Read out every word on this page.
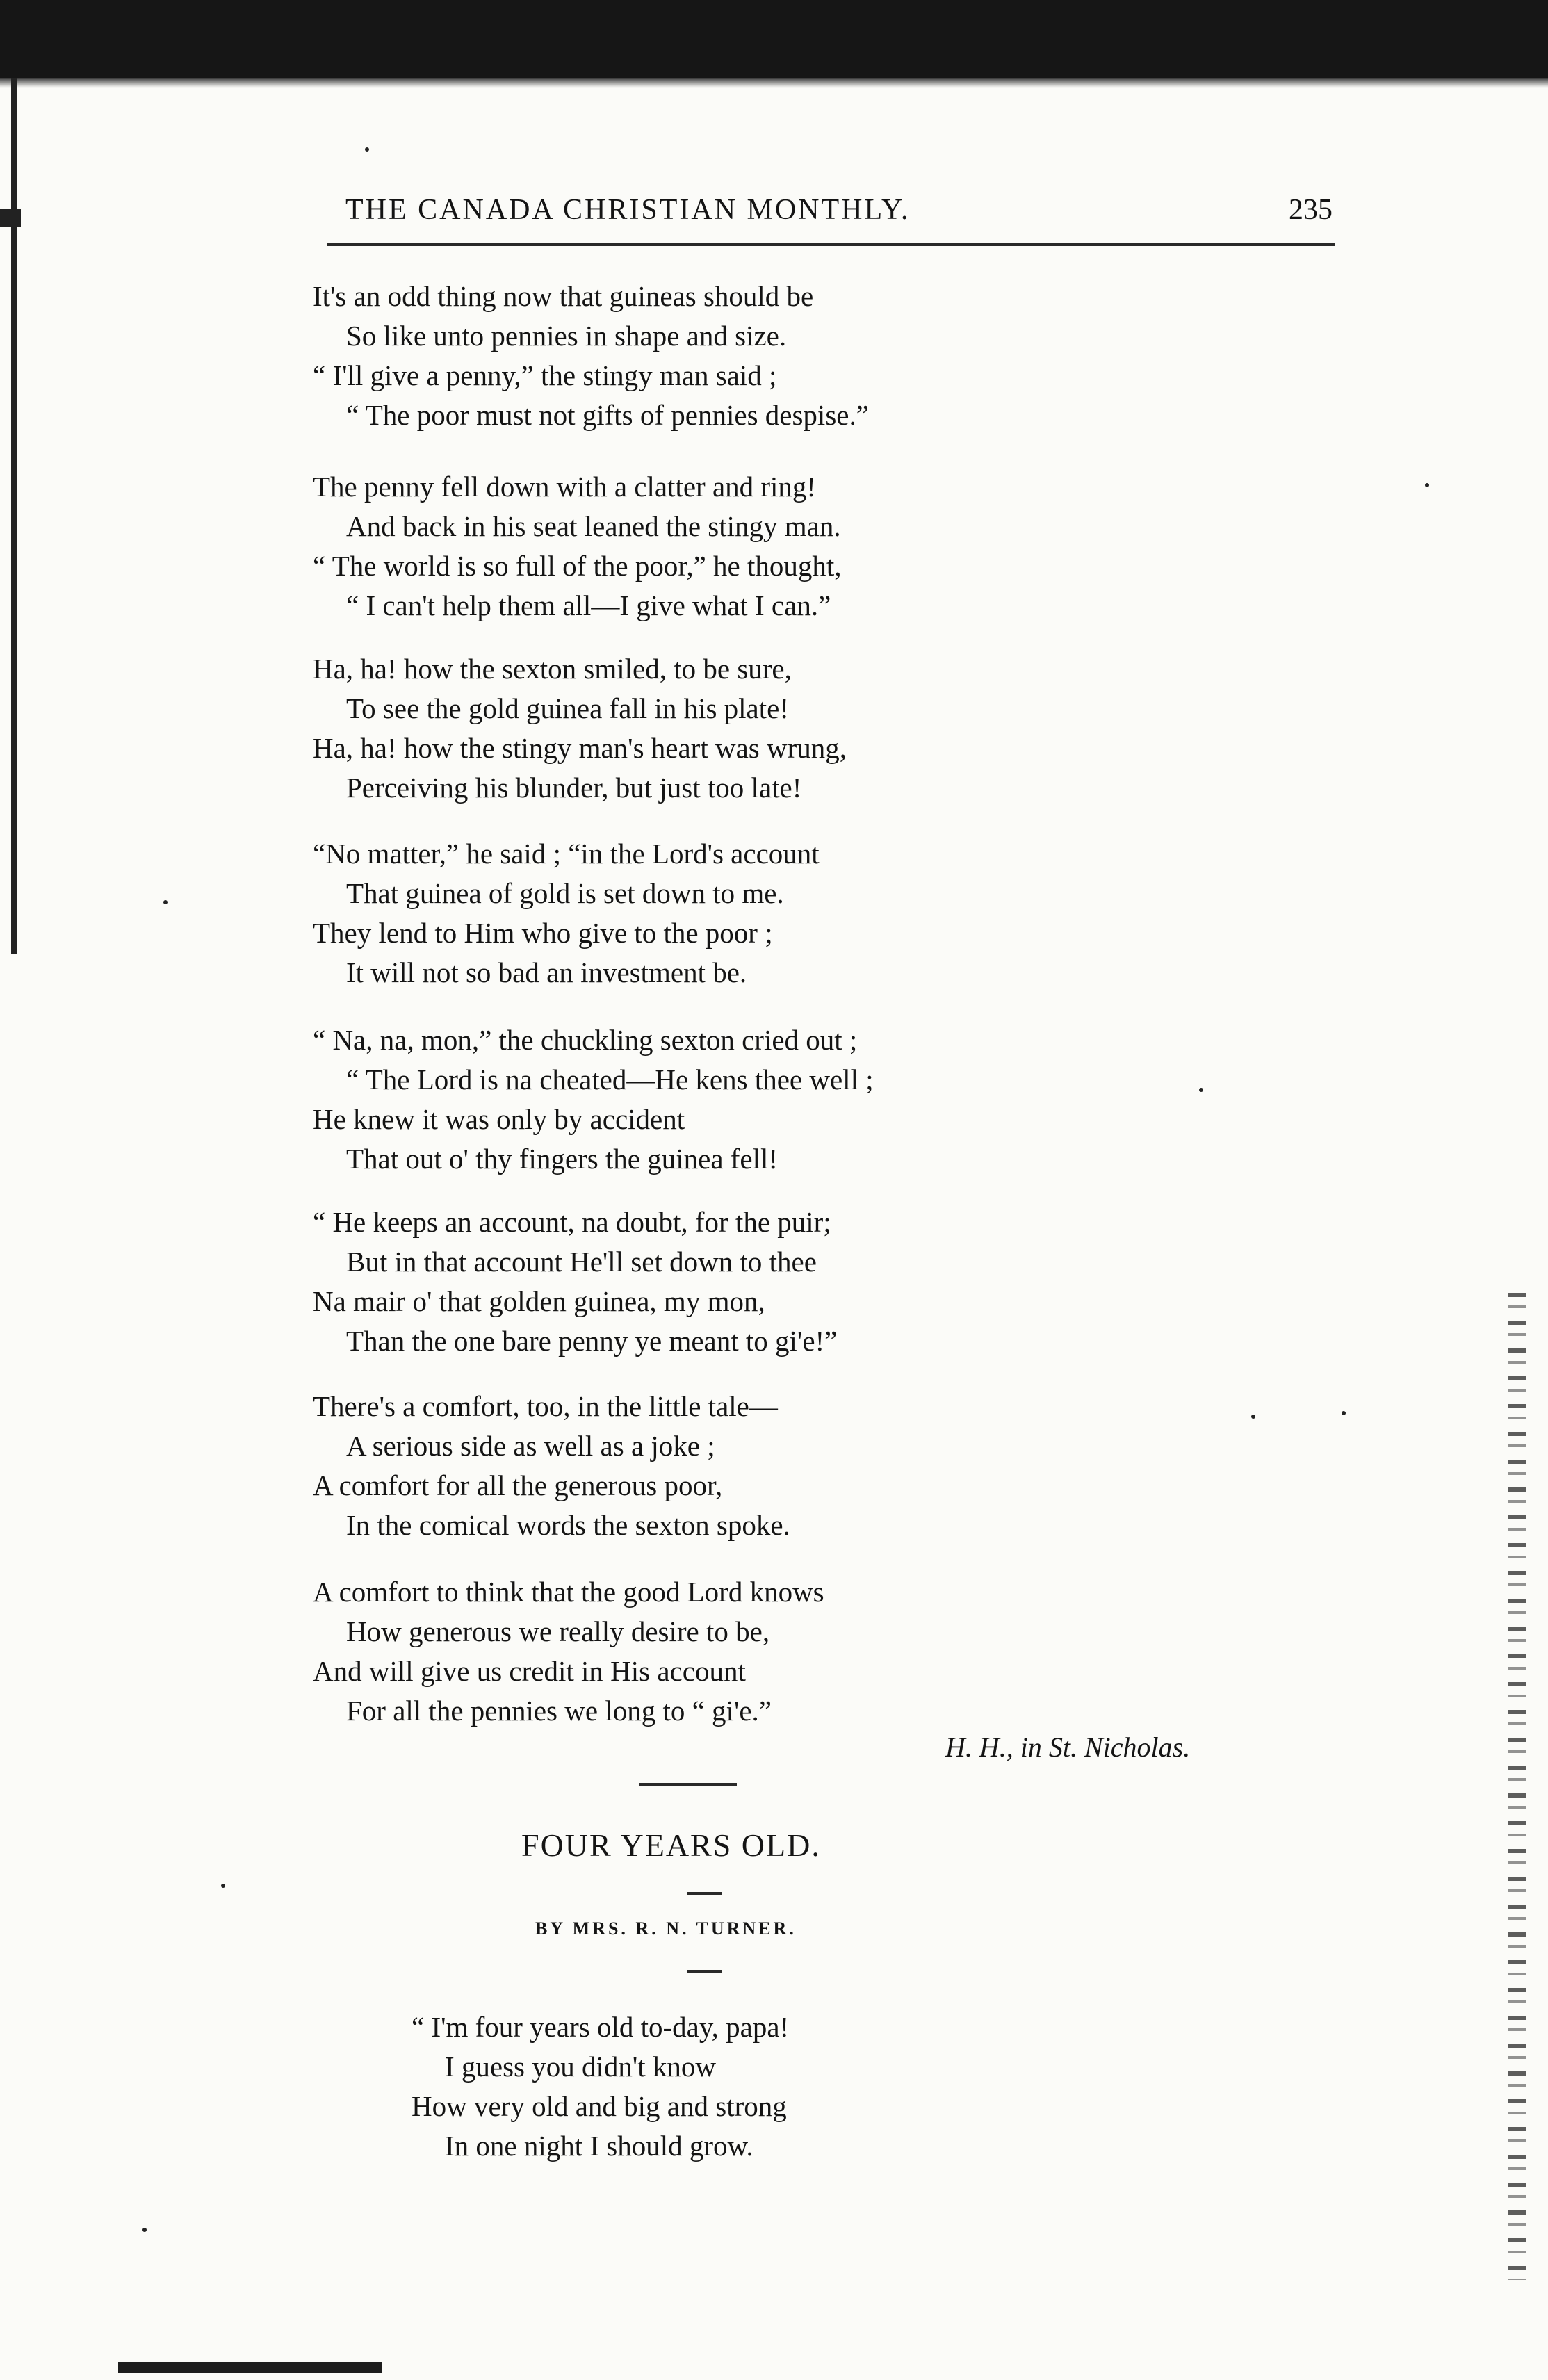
THE CANADA CHRISTIAN MONTHLY.	235
It's an odd thing now that guineas should be
So like unto pennies in shape and size.
“ I'll give a penny,” the stingy man said ;
“ The poor must not gifts of pennies despise.”
The penny fell down with a clatter and ring!
And back in his seat leaned the stingy man.
“ The world is so full of the poor,” he thought,
“ I can't help them all—I give what I can.”
Ha, ha! how the sexton smiled, to be sure,
To see the gold guinea fall in his plate!
Ha, ha! how the stingy man's heart was wrung,
Perceiving his blunder, but just too late!
“No matter,” he said ; “in the Lord's account
That guinea of gold is set down to me.
They lend to Him who give to the poor ;
It will not so bad an investment be.
“ Na, na, mon,” the chuckling sexton cried out ;
“ The Lord is na cheated—He kens thee well ;
He knew it was only by accident
That out o' thy fingers the guinea fell!
“ He keeps an account, na doubt, for the puir;
But in that account He'll set down to thee
Na mair o' that golden guinea, my mon,
Than the one bare penny ye meant to gi'e!”
There's a comfort, too, in the little tale—
A serious side as well as a joke ;
A comfort for all the generous poor,
In the comical words the sexton spoke.
A comfort to think that the good Lord knows
How generous we really desire to be,
And will give us credit in His account
For all the pennies we long to “ gi'e.”
H. H., in St. Nicholas.
FOUR YEARS OLD.
BY MRS. R. N. TURNER.
“ I'm four years old to-day, papa!
I guess you didn't know
How very old and big and strong
In one night I should grow.
